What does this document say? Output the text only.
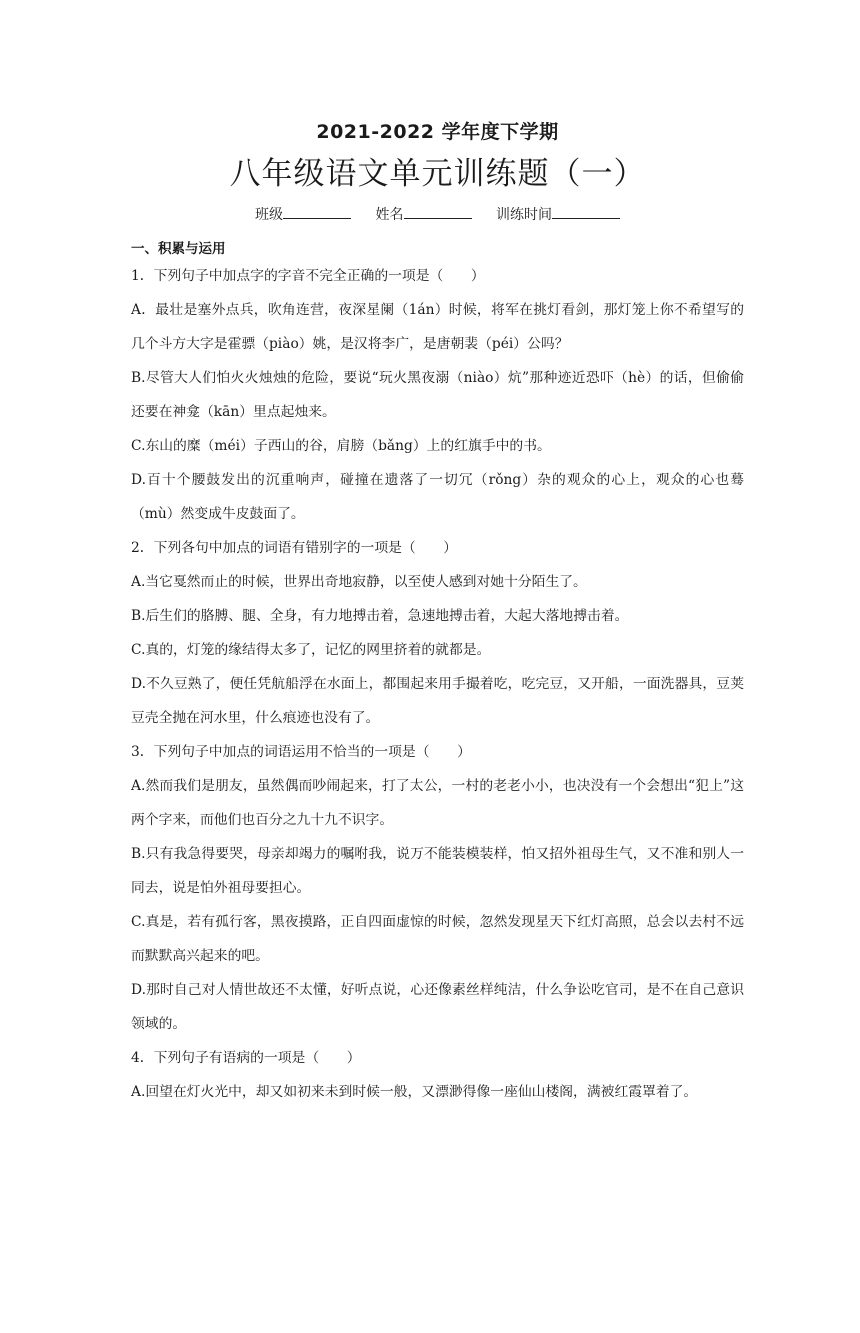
2021-2022 学年度下学期
八年级语文单元训练题（一）
班级	姓名	训练时间
一、积累与运用

1．下列句子中加点字的字音不完全正确的一项是（　　）

A．最壮是塞外点兵，吹角连营，夜深星阑（1án）时候，将军在挑灯看剑，那灯笼上你不希望写的几个斗方大字是霍骠（piào）姚，是汉将李广，是唐朝裴（péi）公吗？

B.尽管大人们怕火火烛烛的危险，要说“玩火黑夜溺（niào）炕”那种迹近恐吓（hè）的话，但偷偷还要在神龛（kān）里点起烛来。

C.东山的糜（méi）子西山的谷，肩膀（bǎng）上的红旗手中的书。

D.百十个腰鼓发出的沉重响声，碰撞在遗落了一切冗（rǒng）杂的观众的心上，观众的心也蓦（mù）然变成牛皮鼓面了。

2．下列各句中加点的词语有错别字的一项是（　　）

A.当它戛然而止的时候，世界出奇地寂静，以至使人感到对她十分陌生了。

B.后生们的胳膊、腿、全身，有力地搏击着，急速地搏击着，大起大落地搏击着。

C.真的，灯笼的缘结得太多了，记忆的网里挤着的就都是。

D.不久豆熟了，便任凭航船浮在水面上，都围起来用手撮着吃，吃完豆，又开船，一面洗器具，豆荚豆壳全抛在河水里，什么痕迹也没有了。

3．下列句子中加点的词语运用不恰当的一项是（　　）

A.然而我们是朋友，虽然偶而吵闹起来，打了太公，一村的老老小小，也决没有一个会想出“犯上”这两个字来，而他们也百分之九十九不识字。

B.只有我急得要哭，母亲却竭力的嘱咐我，说万不能装模装样，怕又招外祖母生气，又不准和别人一同去，说是怕外祖母要担心。

C.真是，若有孤行客，黑夜摸路，正自四面虚惊的时候，忽然发现星天下红灯高照，总会以去村不远而默默高兴起来的吧。

D.那时自己对人情世故还不太懂，好听点说，心还像素丝样纯洁，什么争讼吃官司，是不在自己意识领域的。

4．下列句子有语病的一项是（　　）

A.回望在灯火光中，却又如初来未到时候一般，又漂渺得像一座仙山楼阁，满被红霞罩着了。
